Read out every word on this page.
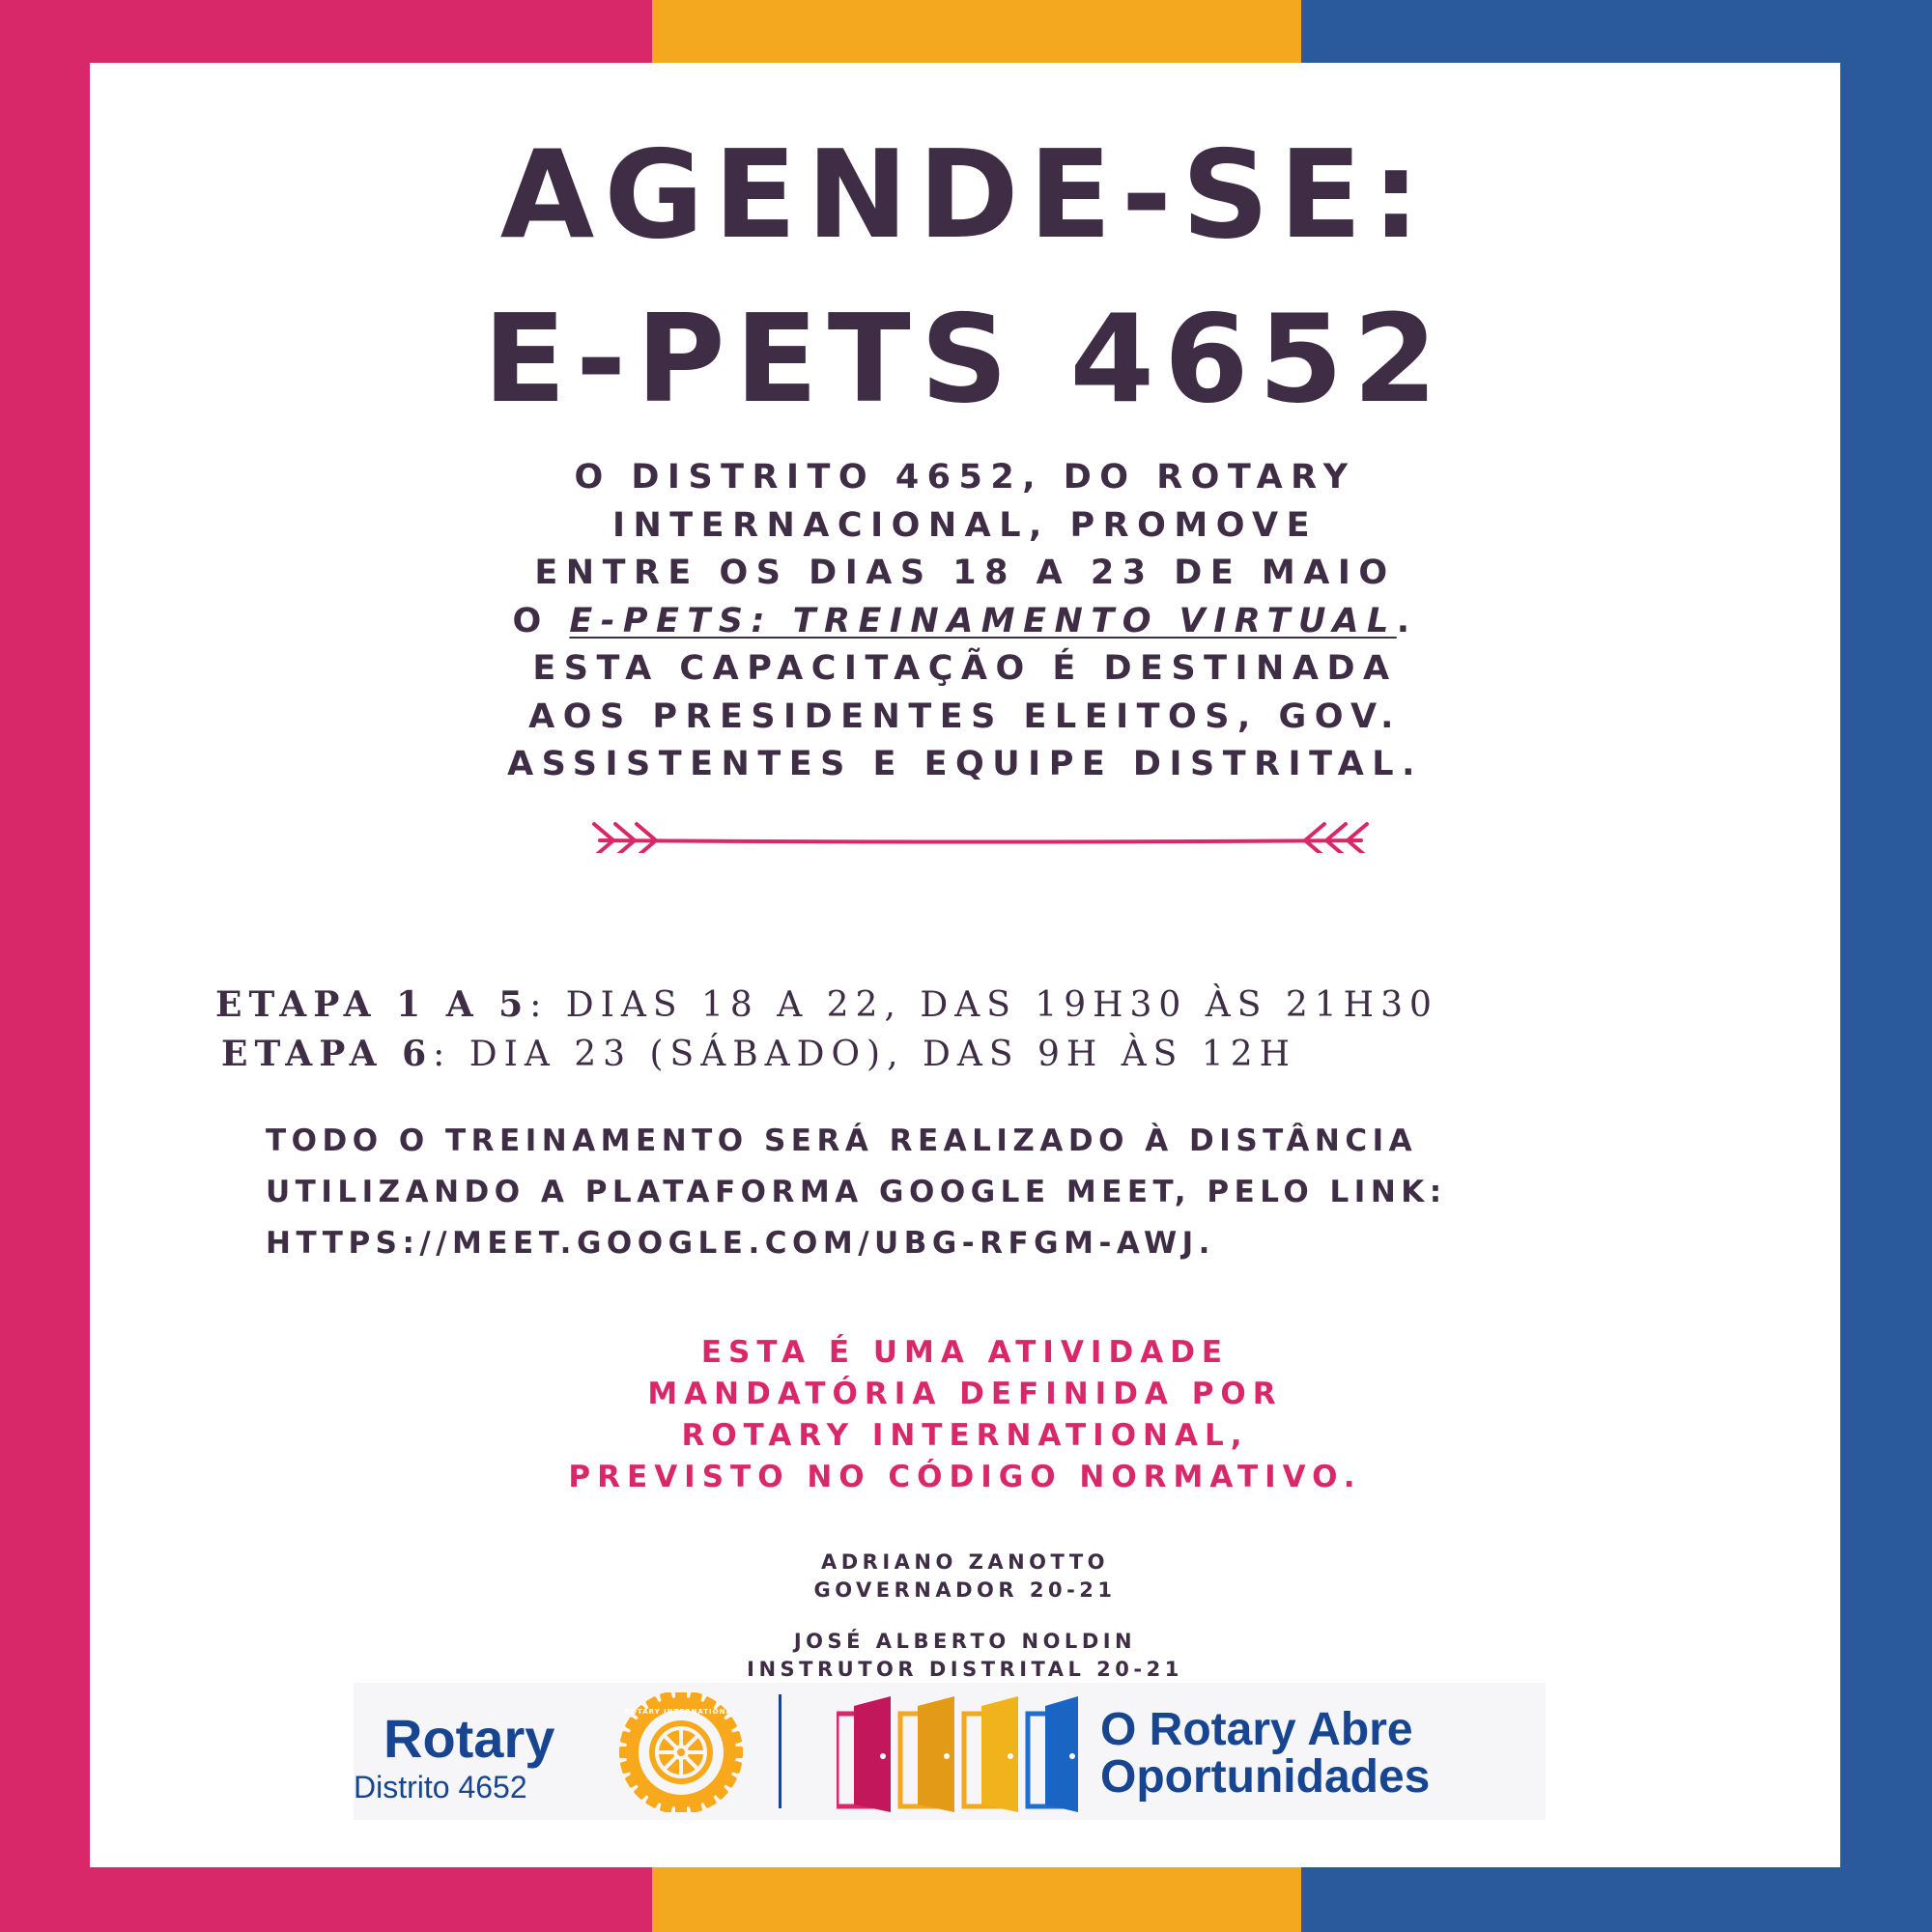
AGENDE-SE:
E-PETS 4652
O DISTRITO 4652, DO ROTARY
INTERNACIONAL, PROMOVE
ENTRE OS DIAS 18 A 23 DE MAIO
O E-PETS: TREINAMENTO VIRTUAL.
ESTA CAPACITAÇÃO É DESTINADA
AOS PRESIDENTES ELEITOS, GOV.
ASSISTENTES E EQUIPE DISTRITAL.
ETAPA 1 A 5: DIAS 18 A 22, DAS 19H30 ÀS 21H30
ETAPA 6: DIA 23 (SÁBADO), DAS 9H ÀS 12H
TODO O TREINAMENTO SERÁ REALIZADO À DISTÂNCIA
UTILIZANDO A PLATAFORMA GOOGLE MEET, PELO LINK:
HTTPS://MEET.GOOGLE.COM/UBG-RFGM-AWJ.
ESTA É UMA ATIVIDADE
MANDATÓRIA DEFINIDA POR
ROTARY INTERNATIONAL,
PREVISTO NO CÓDIGO NORMATIVO.
ADRIANO ZANOTTO
GOVERNADOR 20-21
JOSÉ ALBERTO NOLDIN
INSTRUTOR DISTRITAL 20-21
Rotary
Distrito 4652
ROTARY INTERNATIONAL	O Rotary Abre
Oportunidades
